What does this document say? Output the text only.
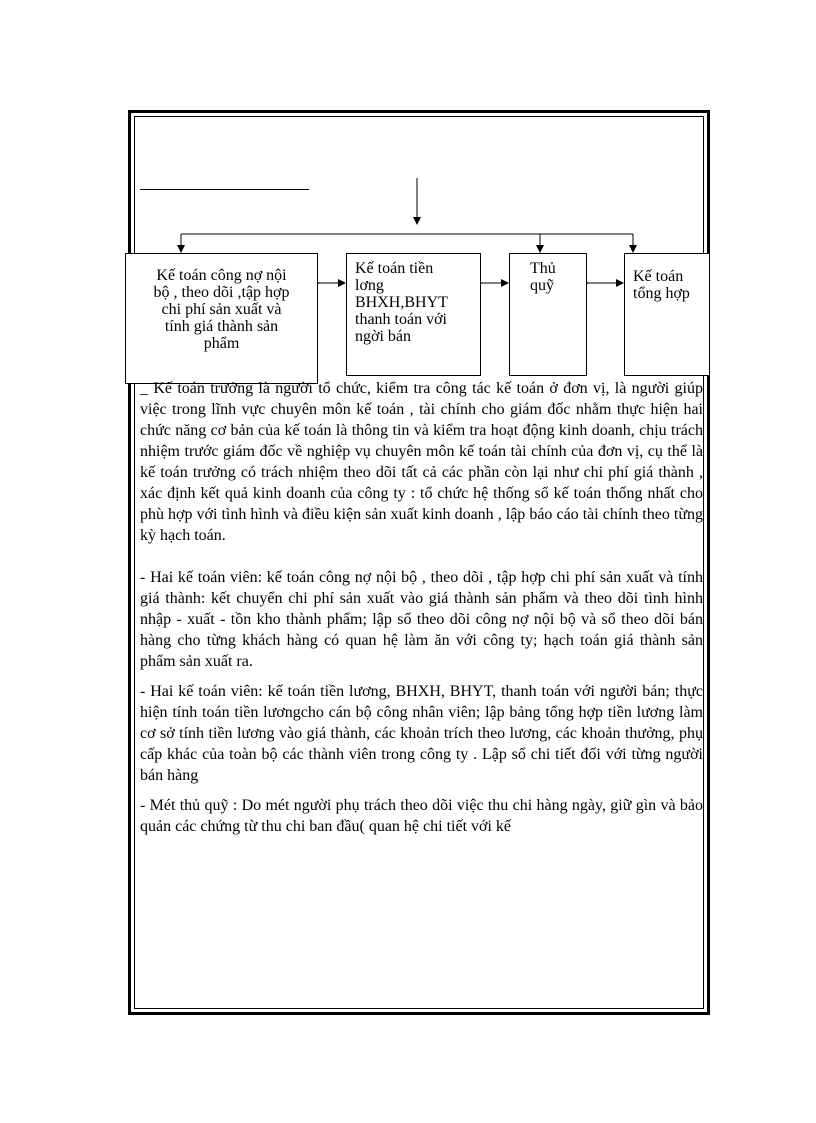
Kế toán công nợ nội
bộ , theo dõi ,tập hợp
chi phí sản xuất và
tính giá thành sản
phẩm
Kế toán tiền
lơng
BHXH,BHYT
thanh toán với
ngời bán
Thủ
quỹ
Kế toán
tổng hợp

_ Kế toán trưởng là người tổ chức, kiểm tra công tác kế toán ở đơn vị, là người giúp việc trong lĩnh vực chuyên môn kế toán , tài chính cho giám đốc nhằm thực hiện hai chức năng cơ bản của kế toán là thông tin và kiểm tra hoạt động kinh doanh, chịu trách nhiệm trước giám đốc về nghiệp vụ chuyên môn kế toán tài chính của đơn vị, cụ thể là kế toán trưởng có trách nhiệm theo dõi tất cả các phần còn lại như chi phí giá thành , xác định kết quả kinh doanh của công ty : tổ chức hệ thống sổ kế toán thống nhất cho phù hợp với tình hình và điều kiện sản xuất kinh doanh , lập báo cáo tài chính theo từng kỳ hạch toán.

- Hai kế toán viên: kế toán công nợ nội bộ , theo dõi , tập hợp chi phí sản xuất và tính giá thành: kết chuyển chi phí sản xuất vào giá thành sản phẩm và theo dõi tình hình nhập - xuất - tồn kho thành phẩm; lập sổ theo dõi công nợ nội bộ và sổ theo dõi bán hàng cho từng khách hàng có quan hệ làm ăn với công ty; hạch toán giá thành sản phẩm sản xuất ra.

- Hai kế toán viên: kế toán tiền lương, BHXH, BHYT, thanh toán với người bán; thực hiện tính toán tiền lươngcho cán bộ công nhân viên; lập bảng tổng hợp tiền lương làm cơ sở tính tiền lương vào giá thành, các khoản trích theo lương, các khoản thưởng, phụ cấp khác của toàn bộ các thành viên trong công ty . Lập sổ chi tiết đối với từng người bán hàng

- Mét thủ quỹ : Do mét người phụ trách theo dõi việc thu chi hàng ngày, giữ gìn và bảo quản các chứng từ thu chi ban đầu( quan hệ chi tiết với kế
